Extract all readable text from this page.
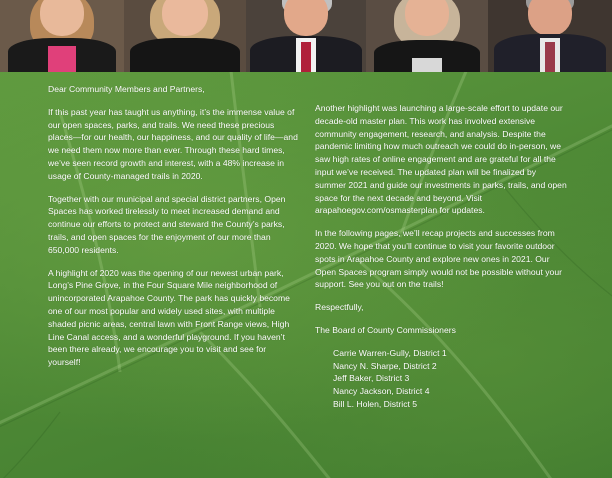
Dear Community Members and Partners,

If this past year has taught us anything, it’s the immense value of our open spaces, parks, and trails. We need these precious places—for our health, our happiness, and our quality of life—and we need them now more than ever. Through these hard times, we’ve seen record growth and interest, with a 48% increase in usage of County-managed trails in 2020.

Together with our municipal and special district partners, Open Spaces has worked tirelessly to meet increased demand and continue our efforts to protect and steward the County’s parks, trails, and open spaces for the enjoyment of our more than 650,000 residents.

A highlight of 2020 was the opening of our newest urban park, Long’s Pine Grove, in the Four Square Mile neighborhood of unincorporated Arapahoe County. The park has quickly become one of our most popular and widely used sites, with multiple shaded picnic areas, central lawn with Front Range views, High Line Canal access, and a wonderful playground. If you haven’t been there already, we encourage you to visit and see for yourself!

Another highlight was launching a large-scale effort to update our decade-old master plan. This work has involved extensive community engagement, research, and analysis. Despite the pandemic limiting how much outreach we could do in-person, we saw high rates of online engagement and are grateful for all the input we’ve received. The updated plan will be finalized by summer 2021 and guide our investments in parks, trails, and open space for the next decade and beyond. Visit arapahoegov.com/osmasterplan for updates.

In the following pages, we’ll recap projects and successes from 2020. We hope that you’ll continue to visit your favorite outdoor spots in Arapahoe County and explore new ones in 2021. Our Open Spaces program simply would not be possible without your support. See you out on the trails!

Respectfully,

The Board of County Commissioners

Carrie Warren-Gully, District 1
Nancy N. Sharpe, District 2
Jeff Baker, District 3
Nancy Jackson, District 4
Bill L. Holen, District 5
